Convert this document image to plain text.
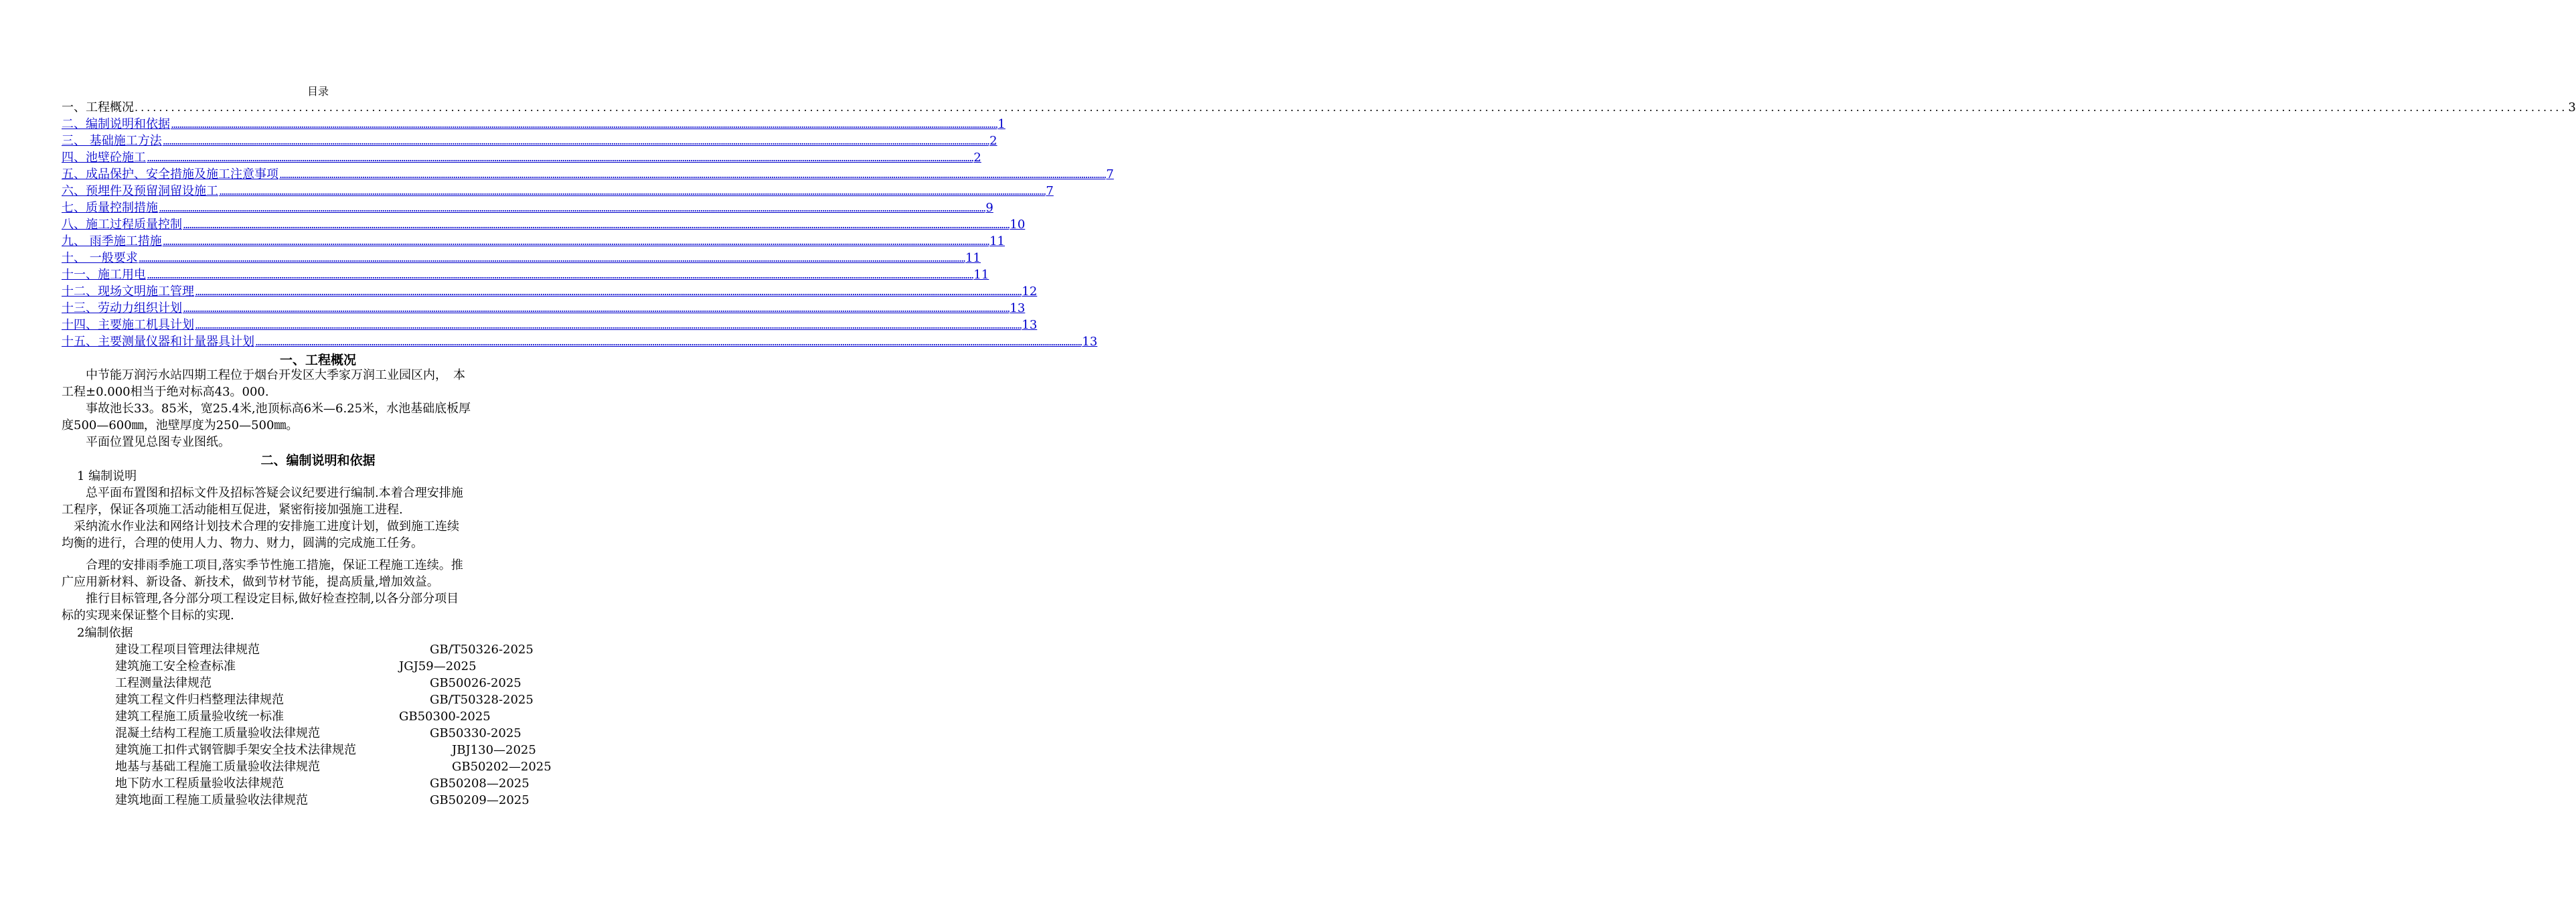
目录
一、工程概况 ................................................................................................................................................................................................................................................................................................................................................................................................................ 3
二、编制说明和依据 ................................................................................................................................................................................................................................................................................................................................................................................................................ 1
三、 基础施工方法 ................................................................................................................................................................................................................................................................................................................................................................................................................ 2
四、池壁砼施工 ................................................................................................................................................................................................................................................................................................................................................................................................................ 2
五、成品保护、安全措施及施工注意事项 ................................................................................................................................................................................................................................................................................................................................................................................................................ 7
六、预埋件及预留洞留设施工 ................................................................................................................................................................................................................................................................................................................................................................................................................ 7
七、质量控制措施 ................................................................................................................................................................................................................................................................................................................................................................................................................ 9
八、施工过程质量控制 ................................................................................................................................................................................................................................................................................................................................................................................................................ 10
九、 雨季施工措施 ................................................................................................................................................................................................................................................................................................................................................................................................................ 11
十、 一般要求 ................................................................................................................................................................................................................................................................................................................................................................................................................ 11
十一、施工用电 ................................................................................................................................................................................................................................................................................................................................................................................................................ 11
十二、现场文明施工管理 ................................................................................................................................................................................................................................................................................................................................................................................................................ 12
十三、劳动力组织计划 ................................................................................................................................................................................................................................................................................................................................................................................................................ 13
十四、主要施工机具计划 ................................................................................................................................................................................................................................................................................................................................................................................................................ 13
十五、主要测量仪器和计量器具计划 ................................................................................................................................................................................................................................................................................................................................................................................................................ 13
一、工程概况

　　中节能万润污水站四期工程位于烟台开发区大季家万润工业园区内，　本

工程±0.000相当于绝对标高43。000.

　　事故池长33。85米，宽25.4米,池顶标高6米—6.25米，水池基础底板厚

度500—600㎜，池壁厚度为250—500㎜。

　　平面位置见总图专业图纸。

二、编制说明和依据
1 编制说明

　　总平面布置图和招标文件及招标答疑会议纪要进行编制.本着合理安排施

工程序，保证各项施工活动能相互促进，紧密衔接加强施工进程.

　采纳流水作业法和网络计划技术合理的安排施工进度计划，做到施工连续

均衡的进行，合理的使用人力、物力、财力，圆满的完成施工任务。

　　合理的安排雨季施工项目,落实季节性施工措施，保证工程施工连续。推

广应用新材料、新设备、新技术，做到节材节能，提高质量,增加效益。

　　推行目标管理,各分部分项工程设定目标,做好检查控制,以各分部分项目

标的实现来保证整个目标的实现.

2编制依据
建设工程项目管理法律规范	GB/T50326-2025
建筑施工安全检查标准	JGJ59—2025
工程测量法律规范	GB50026-2025
建筑工程文件归档整理法律规范	GB/T50328-2025
建筑工程施工质量验收统一标准	GB50300-2025
混凝土结构工程施工质量验收法律规范	GB50330-2025
建筑施工扣件式钢管脚手架安全技术法律规范	JBJ130—2025
地基与基础工程施工质量验收法律规范	GB50202—2025
地下防水工程质量验收法律规范	GB50208—2025
建筑地面工程施工质量验收法律规范	GB50209—2025
